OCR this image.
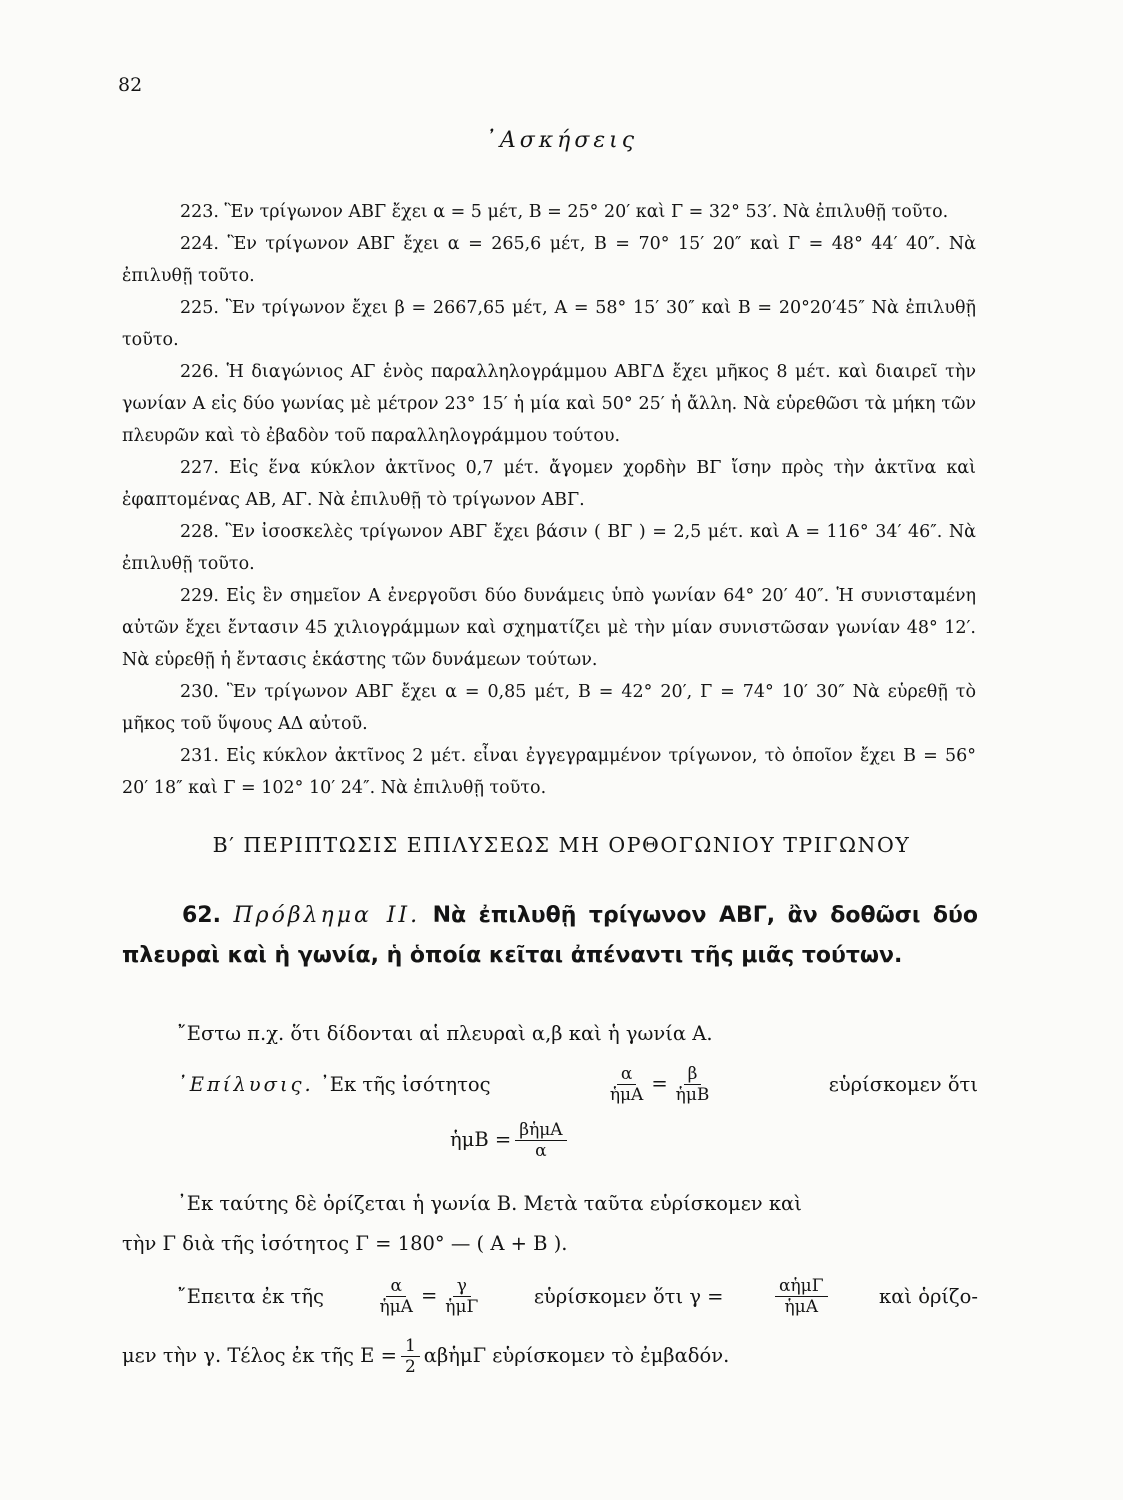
82
᾿Ασκήσεις

223. Ἓν τρίγωνον ΑΒΓ ἔχει α = 5 μέτ, Β = 25° 20′ καὶ Γ = 32° 53′. Νὰ ἐπιλυθῇ τοῦτο.

224. Ἓν τρίγωνον ΑΒΓ ἔχει α = 265,6 μέτ, Β = 70° 15′ 20″ καὶ Γ = 48° 44′ 40″. Νὰ ἐπιλυθῇ τοῦτο.

225. Ἓν τρίγωνον ἔχει β = 2667,65 μέτ, Α = 58° 15′ 30″ καὶ Β = 20°20′45″ Νὰ ἐπιλυθῇ τοῦτο.

226. Ἡ διαγώνιος ΑΓ ἑνὸς παραλληλογράμμου ΑΒΓΔ ἔχει μῆκος 8 μέτ. καὶ διαιρεῖ τὴν γωνίαν Α εἰς δύο γωνίας μὲ μέτρον 23° 15′ ἡ μία καὶ 50° 25′ ἡ ἄλλη. Νὰ εὑρεθῶσι τὰ μήκη τῶν πλευρῶν καὶ τὸ ἐβαδὸν τοῦ παραλληλογράμμου τούτου.

227. Εἰς ἕνα κύκλον ἀκτῖνος 0,7 μέτ. ἄγομεν χορδὴν ΒΓ ἴσην πρὸς τὴν ἀκτῖνα καὶ ἐφαπτομένας ΑΒ, ΑΓ. Νὰ ἐπιλυθῇ τὸ τρίγωνον ΑΒΓ.

228. Ἓν ἰσοσκελὲς τρίγωνον ΑΒΓ ἔχει βάσιν ( ΒΓ ) = 2,5 μέτ. καὶ Α = 116° 34′ 46″. Νὰ ἐπιλυθῇ τοῦτο.

229. Εἰς ἓν σημεῖον Α ἐνεργοῦσι δύο δυνάμεις ὑπὸ γωνίαν 64° 20′ 40″. Ἡ συνισταμένη αὐτῶν ἔχει ἔντασιν 45 χιλιογράμμων καὶ σχηματίζει μὲ τὴν μίαν συνιστῶσαν γωνίαν 48° 12′. Νὰ εὑρεθῇ ἡ ἔντασις ἑκάστης τῶν δυνάμεων τούτων.

230. Ἓν τρίγωνον ΑΒΓ ἔχει α = 0,85 μέτ, Β = 42° 20′, Γ = 74° 10′ 30″ Νὰ εὑρεθῇ τὸ μῆκος τοῦ ὕψους ΑΔ αὐτοῦ.

231. Εἰς κύκλον ἀκτῖνος 2 μέτ. εἶναι ἐγγεγραμμένον τρίγωνον, τὸ ὁποῖον ἔχει Β = 56° 20′ 18″ καὶ Γ = 102° 10′ 24″. Νὰ ἐπιλυθῇ τοῦτο.

Β′ ΠΕΡΙΠΤΩΣΙΣ ΕΠΙΛΥΣΕΩΣ ΜΗ ΟΡΘΟΓΩΝΙΟΥ ΤΡΙΓΩΝΟΥ

62. Πρόβλημα ΙΙ. Νὰ ἐπιλυθῇ τρίγωνον ΑΒΓ, ἂν δοθῶσι δύο πλευραὶ καὶ ἡ γωνία, ἡ ὁποία κεῖται ἀπέναντι τῆς μιᾶς τούτων.

῎Εστω π.χ. ὅτι δίδονται αἱ πλευραὶ α,β καὶ ἡ γωνία Α.
᾿Επίλυσις. ᾿Εκ τῆς ἰσότητος	$\frac{\alpha}{\text{ἡμΑ}} = \frac{\beta}{\text{ἡμΒ}}$	εὑρίσκομεν ὅτι
ἡμΒ = $\frac{\text{βἡμΑ}}{\alpha}$
᾿Εκ ταύτης δὲ ὁρίζεται ἡ γωνία Β. Μετὰ ταῦτα εὑρίσκομεν καὶ
τὴν Γ διὰ τῆς ἰσότητος Γ = 180° — ( Α + Β ).
῎Επειτα ἐκ τῆς	$\frac{\alpha}{\text{ἡμΑ}} = \frac{\gamma}{\text{ἡμΓ}}$	εὑρίσκομεν ὅτι γ =	$\frac{\text{αἡμΓ}}{\text{ἡμΑ}}$	καὶ ὁρίζο-
μεν τὴν γ. Τέλος ἐκ τῆς $E = \frac{1}{2}$ αβἡμΓ εὑρίσκομεν τὸ ἐμβαδόν.
